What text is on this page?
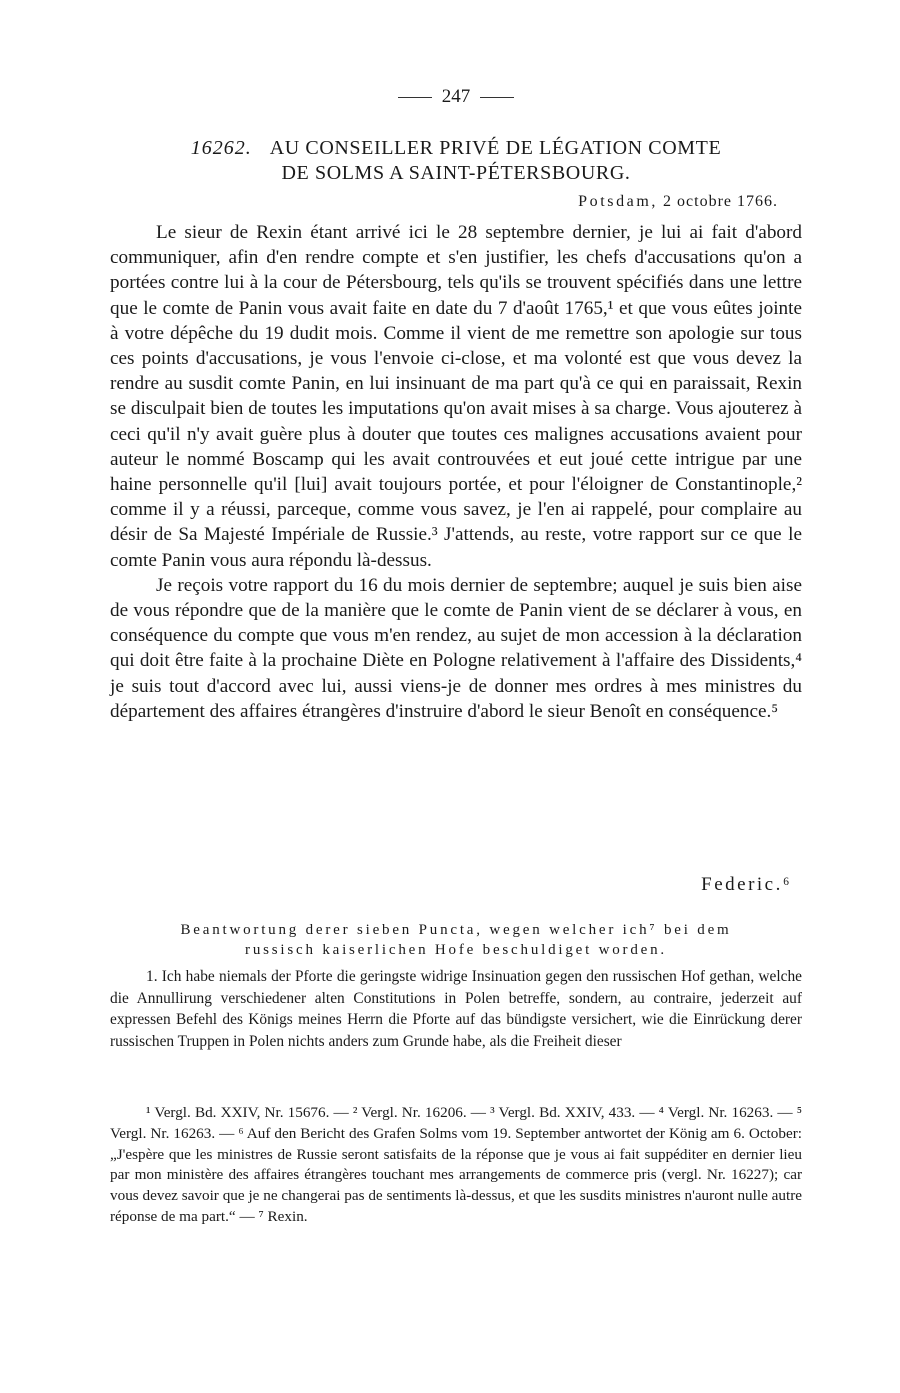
247
16262. AU CONSEILLER PRIVÉ DE LÉGATION COMTE
DE SOLMS A SAINT-PÉTERSBOURG.
Potsdam, 2 octobre 1766.

Le sieur de Rexin étant arrivé ici le 28 septembre dernier, je lui ai fait d'abord communiquer, afin d'en rendre compte et s'en justifier, les chefs d'accusations qu'on a portées contre lui à la cour de Pétersbourg, tels qu'ils se trouvent spécifiés dans une lettre que le comte de Panin vous avait faite en date du 7 d'août 1765,¹ et que vous eûtes jointe à votre dépêche du 19 dudit mois. Comme il vient de me remettre son apologie sur tous ces points d'accusations, je vous l'envoie ci-close, et ma volonté est que vous devez la rendre au susdit comte Panin, en lui insinuant de ma part qu'à ce qui en paraissait, Rexin se disculpait bien de toutes les imputations qu'on avait mises à sa charge. Vous ajouterez à ceci qu'il n'y avait guère plus à douter que toutes ces malignes accusations avaient pour auteur le nommé Boscamp qui les avait controuvées et eut joué cette intrigue par une haine personnelle qu'il [lui] avait toujours portée, et pour l'éloigner de Constantinople,² comme il y a réussi, parceque, comme vous savez, je l'en ai rappelé, pour complaire au désir de Sa Majesté Impériale de Russie.³ J'attends, au reste, votre rapport sur ce que le comte Panin vous aura répondu là-dessus.

Je reçois votre rapport du 16 du mois dernier de septembre; auquel je suis bien aise de vous répondre que de la manière que le comte de Panin vient de se déclarer à vous, en conséquence du compte que vous m'en rendez, au sujet de mon accession à la déclaration qui doit être faite à la prochaine Diète en Pologne relativement à l'affaire des Dissidents,⁴ je suis tout d'accord avec lui, aussi viens-je de donner mes ordres à mes ministres du département des affaires étrangères d'instruire d'abord le sieur Benoît en conséquence.⁵

Federic.⁶
Beantwortung derer sieben Puncta, wegen welcher ich⁷ bei dem
russisch kaiserlichen Hofe beschuldiget worden.

1. Ich habe niemals der Pforte die geringste widrige Insinuation gegen den russischen Hof gethan, welche die Annullirung verschiedener alten Constitutions in Polen betreffe, sondern, au contraire, jederzeit auf expressen Befehl des Königs meines Herrn die Pforte auf das bündigste versichert, wie die Einrückung derer russischen Truppen in Polen nichts anders zum Grunde habe, als die Freiheit dieser

¹ Vergl. Bd. XXIV, Nr. 15676. — ² Vergl. Nr. 16206. — ³ Vergl. Bd. XXIV, 433. — ⁴ Vergl. Nr. 16263. — ⁵ Vergl. Nr. 16263. — ⁶ Auf den Bericht des Grafen Solms vom 19. September antwortet der König am 6. October: „J'espère que les ministres de Russie seront satisfaits de la réponse que je vous ai fait suppéditer en dernier lieu par mon ministère des affaires étrangères touchant mes arrangements de commerce pris (vergl. Nr. 16227); car vous devez savoir que je ne changerai pas de sentiments là-dessus, et que les susdits ministres n'auront nulle autre réponse de ma part.“ — ⁷ Rexin.
